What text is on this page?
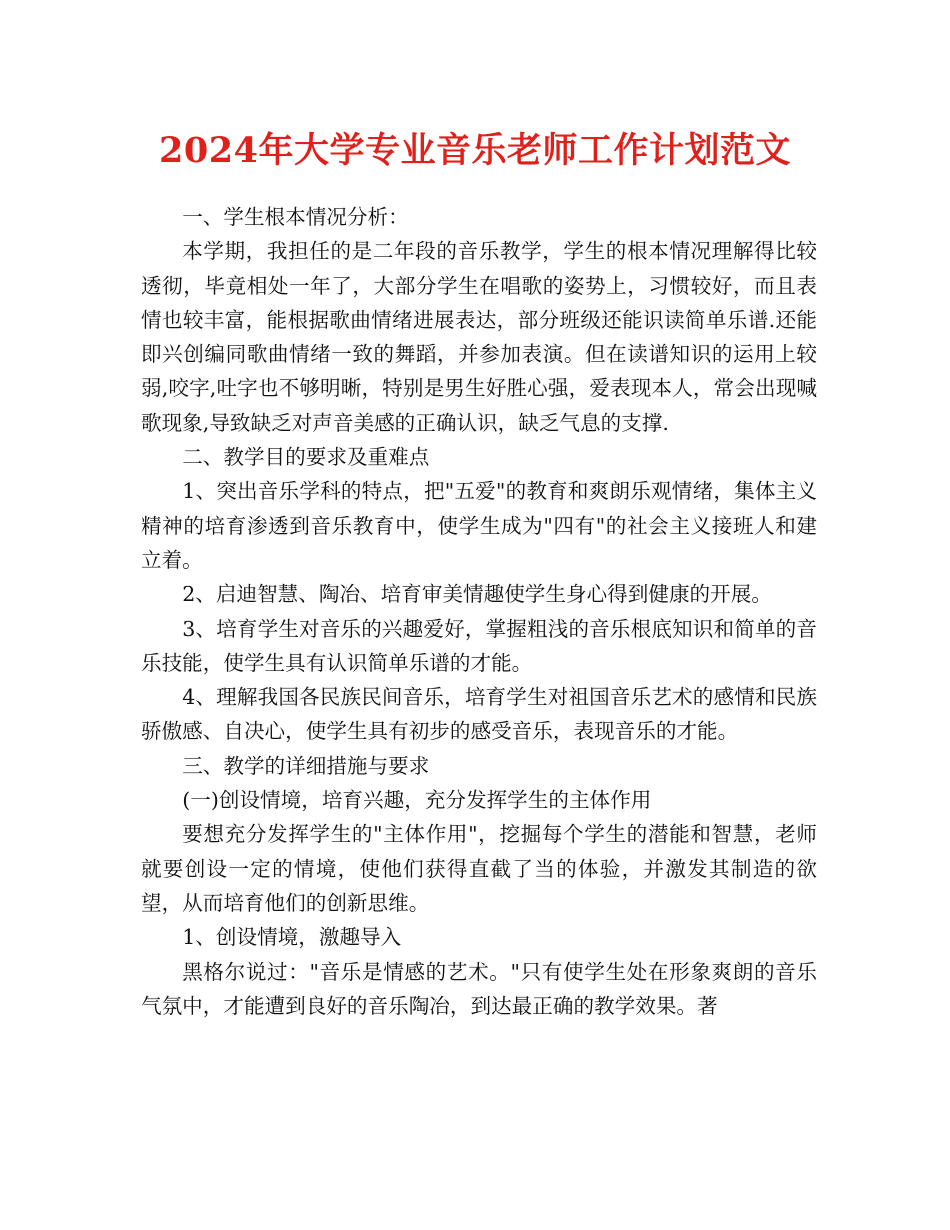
2024年大学专业音乐老师工作计划范文

一、学生根本情况分析：

本学期，我担任的是二年段的音乐教学，学生的根本情况理解得比较透彻，毕竟相处一年了，大部分学生在唱歌的姿势上，习惯较好，而且表情也较丰富，能根据歌曲情绪进展表达，部分班级还能识读简单乐谱.还能即兴创编同歌曲情绪一致的舞蹈，并参加表演。但在读谱知识的运用上较弱,咬字,吐字也不够明晰，特别是男生好胜心强，爱表现本人，常会出现喊歌现象,导致缺乏对声音美感的正确认识，缺乏气息的支撑.

二、教学目的要求及重难点

1、突出音乐学科的特点，把"五爱"的教育和爽朗乐观情绪，集体主义精神的培育渗透到音乐教育中，使学生成为"四有"的社会主义接班人和建立着。

2、启迪智慧、陶冶、培育审美情趣使学生身心得到健康的开展。

3、培育学生对音乐的兴趣爱好，掌握粗浅的音乐根底知识和简单的音乐技能，使学生具有认识简单乐谱的才能。

4、理解我国各民族民间音乐，培育学生对祖国音乐艺术的感情和民族骄傲感、自决心，使学生具有初步的感受音乐，表现音乐的才能。

三、教学的详细措施与要求

(一)创设情境，培育兴趣，充分发挥学生的主体作用

要想充分发挥学生的"主体作用"，挖掘每个学生的潜能和智慧，老师就要创设一定的情境，使他们获得直截了当的体验，并激发其制造的欲望，从而培育他们的创新思维。

1、创设情境，激趣导入

黑格尔说过："音乐是情感的艺术。"只有使学生处在形象爽朗的音乐气氛中，才能遭到良好的音乐陶冶，到达最正确的教学效果。著
